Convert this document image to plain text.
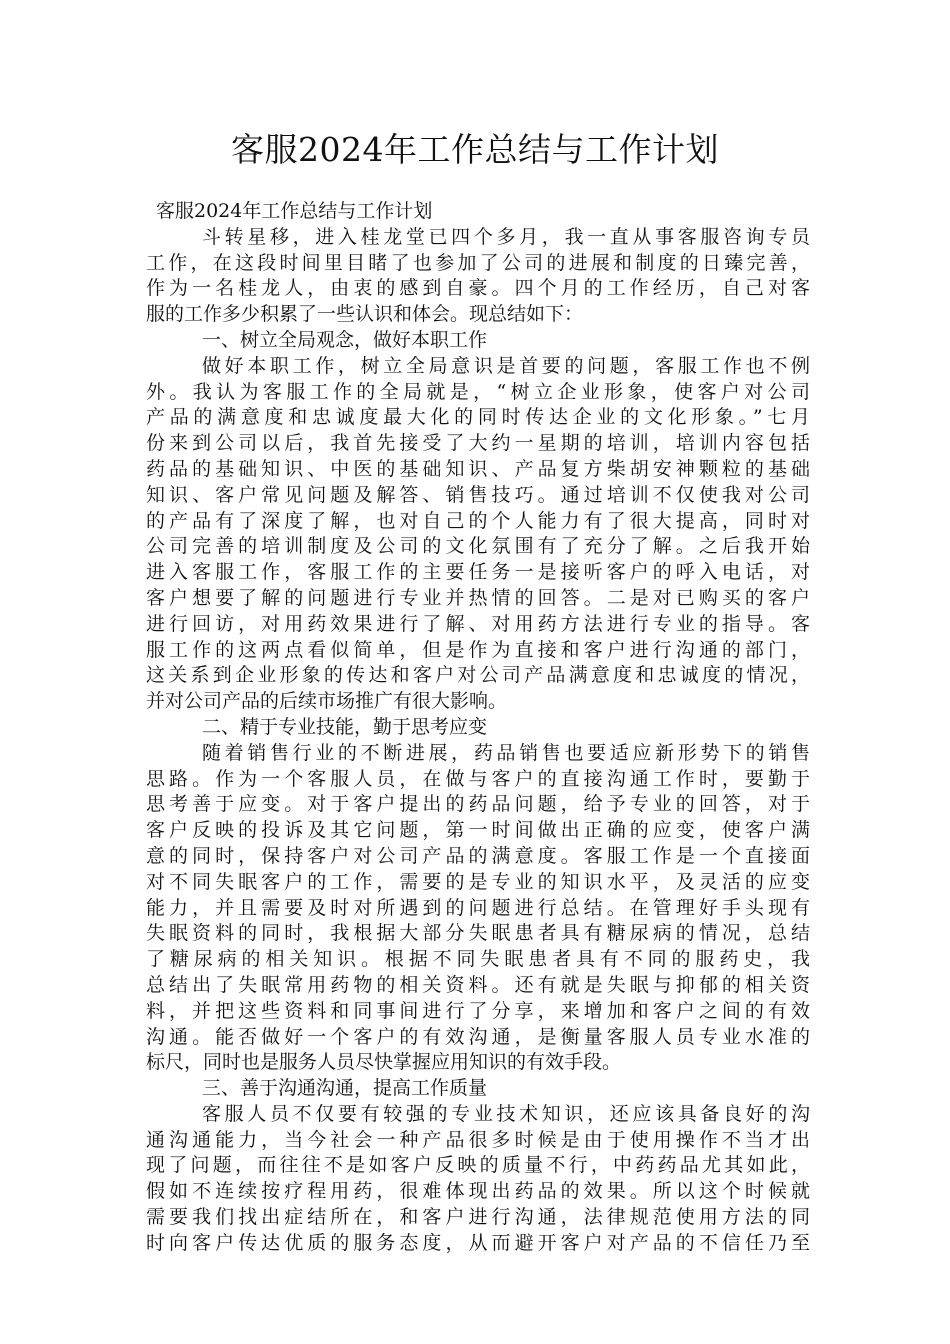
客服2024年工作总结与工作计划
客服2024年工作总结与工作计划
斗转星移，进入桂龙堂已四个多月，我一直从事客服咨询专员
工作，在这段时间里目睹了也参加了公司的进展和制度的日臻完善，
作为一名桂龙人，由衷的感到自豪。四个月的工作经历，自己对客
服的工作多少积累了一些认识和体会。现总结如下：
一、树立全局观念，做好本职工作
做好本职工作，树立全局意识是首要的问题，客服工作也不例
外。我认为客服工作的全局就是，“树立企业形象，使客户对公司
产品的满意度和忠诚度最大化的同时传达企业的文化形象。”七月
份来到公司以后，我首先接受了大约一星期的培训，培训内容包括
药品的基础知识、中医的基础知识、产品复方柴胡安神颗粒的基础
知识、客户常见问题及解答、销售技巧。通过培训不仅使我对公司
的产品有了深度了解，也对自己的个人能力有了很大提高，同时对
公司完善的培训制度及公司的文化氛围有了充分了解。之后我开始
进入客服工作，客服工作的主要任务一是接听客户的呼入电话，对
客户想要了解的问题进行专业并热情的回答。二是对已购买的客户
进行回访，对用药效果进行了解、对用药方法进行专业的指导。客
服工作的这两点看似简单，但是作为直接和客户进行沟通的部门，
这关系到企业形象的传达和客户对公司产品满意度和忠诚度的情况，
并对公司产品的后续市场推广有很大影响。
二、精于专业技能，勤于思考应变
随着销售行业的不断进展，药品销售也要适应新形势下的销售
思路。作为一个客服人员，在做与客户的直接沟通工作时，要勤于
思考善于应变。对于客户提出的药品问题，给予专业的回答，对于
客户反映的投诉及其它问题，第一时间做出正确的应变，使客户满
意的同时，保持客户对公司产品的满意度。客服工作是一个直接面
对不同失眠客户的工作，需要的是专业的知识水平，及灵活的应变
能力，并且需要及时对所遇到的问题进行总结。在管理好手头现有
失眠资料的同时，我根据大部分失眠患者具有糖尿病的情况，总结
了糖尿病的相关知识。根据不同失眠患者具有不同的服药史，我
总结出了失眠常用药物的相关资料。还有就是失眠与抑郁的相关资
料，并把这些资料和同事间进行了分享，来增加和客户之间的有效
沟通。能否做好一个客户的有效沟通，是衡量客服人员专业水准的
标尺，同时也是服务人员尽快掌握应用知识的有效手段。
三、善于沟通沟通，提高工作质量
客服人员不仅要有较强的专业技术知识，还应该具备良好的沟
通沟通能力，当今社会一种产品很多时候是由于使用操作不当才出
现了问题，而往往不是如客户反映的质量不行，中药药品尤其如此，
假如不连续按疗程用药，很难体现出药品的效果。所以这个时候就
需要我们找出症结所在，和客户进行沟通，法律规范使用方法的同
时向客户传达优质的服务态度，从而避开客户对产品的不信任乃至
